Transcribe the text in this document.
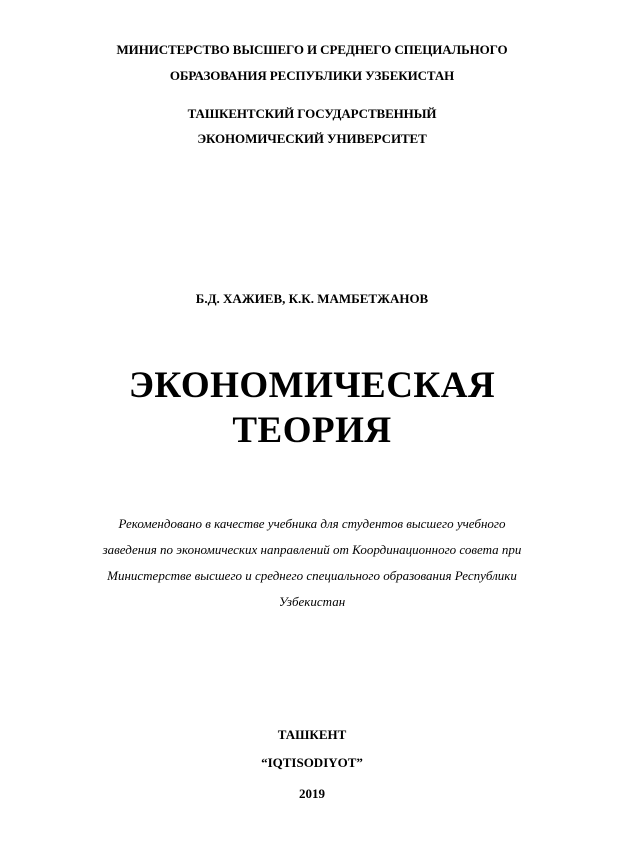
МИНИСТЕРСТВО ВЫСШЕГО И СРЕДНЕГО СПЕЦИАЛЬНОГО
ОБРАЗОВАНИЯ РЕСПУБЛИКИ УЗБЕКИСТАН
ТАШКЕНТСКИЙ ГОСУДАРСТВЕННЫЙ
ЭКОНОМИЧЕСКИЙ УНИВЕРСИТЕТ
Б.Д. ХАЖИЕВ, К.К. МАМБЕТЖАНОВ
ЭКОНОМИЧЕСКАЯ
ТЕОРИЯ
Рекомендовано в качестве учебника для студентов высшего учебного
заведения по экономических направлений от Координационного совета при
Министерстве высшего и среднего специального образования Республики
Узбекистан
ТАШКЕНТ
“IQTISODIYOT”
2019
